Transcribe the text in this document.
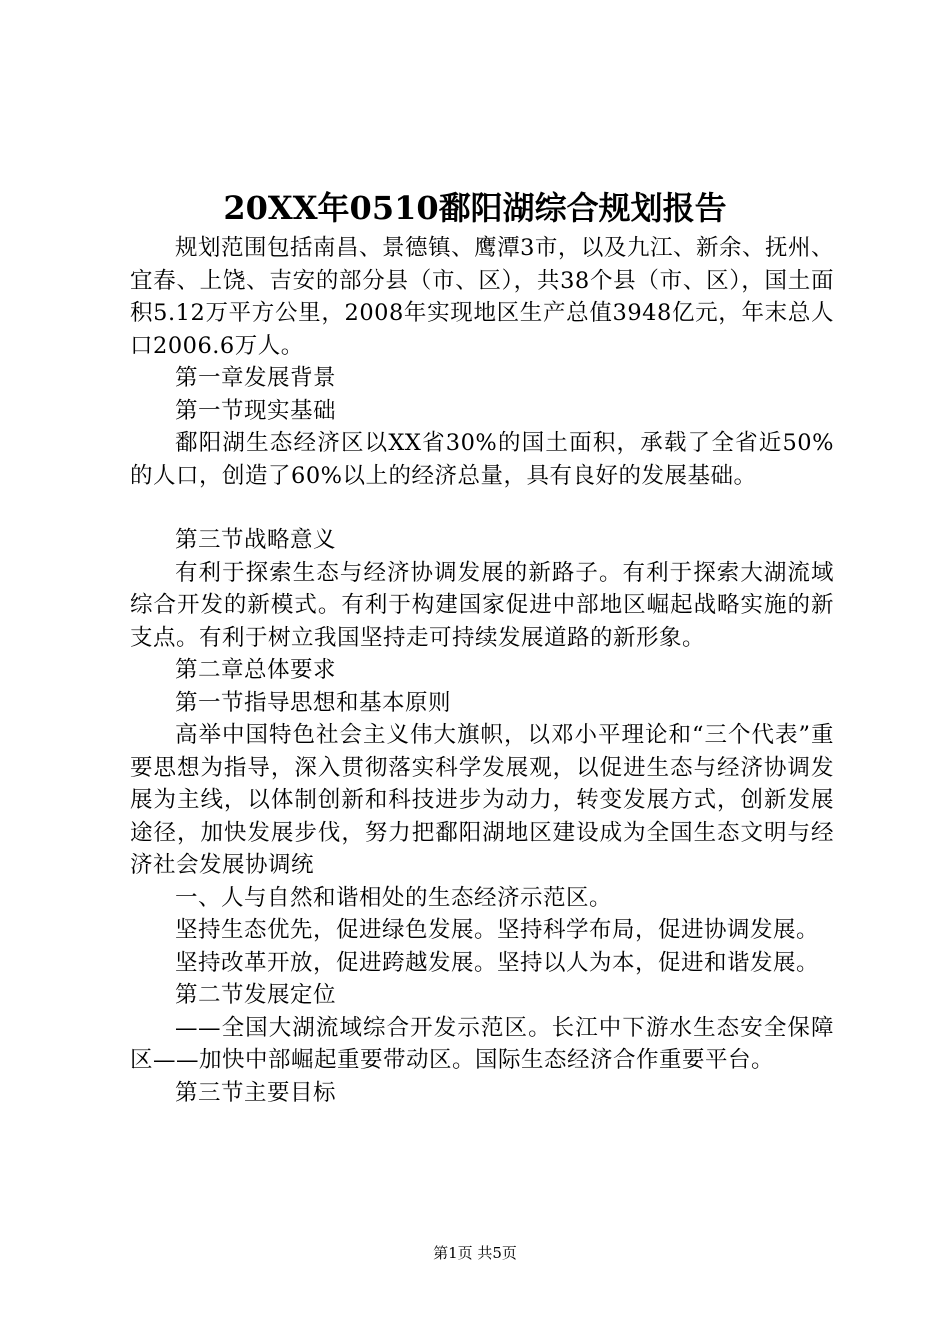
20XX年0510鄱阳湖综合规划报告

规划范围包括南昌、景德镇、鹰潭3市，以及九江、新余、抚州、宜春、上饶、吉安的部分县（市、区），共38个县（市、区），国土面积5.12万平方公里，2008年实现地区生产总值3948亿元，年末总人口2006.6万人。

第一章发展背景

第一节现实基础

鄱阳湖生态经济区以XX省30%的国土面积，承载了全省近50%的人口，创造了60%以上的经济总量，具有良好的发展基础。

第三节战略意义

有利于探索生态与经济协调发展的新路子。有利于探索大湖流域综合开发的新模式。有利于构建国家促进中部地区崛起战略实施的新支点。有利于树立我国坚持走可持续发展道路的新形象。

第二章总体要求

第一节指导思想和基本原则

高举中国特色社会主义伟大旗帜，以邓小平理论和“三个代表”重要思想为指导，深入贯彻落实科学发展观，以促进生态与经济协调发展为主线，以体制创新和科技进步为动力，转变发展方式，创新发展途径，加快发展步伐，努力把鄱阳湖地区建设成为全国生态文明与经济社会发展协调统

一、人与自然和谐相处的生态经济示范区。

坚持生态优先，促进绿色发展。坚持科学布局，促进协调发展。

坚持改革开放，促进跨越发展。坚持以人为本，促进和谐发展。

第二节发展定位

——全国大湖流域综合开发示范区。长江中下游水生态安全保障区——加快中部崛起重要带动区。国际生态经济合作重要平台。

第三节主要目标

第1页 共5页
